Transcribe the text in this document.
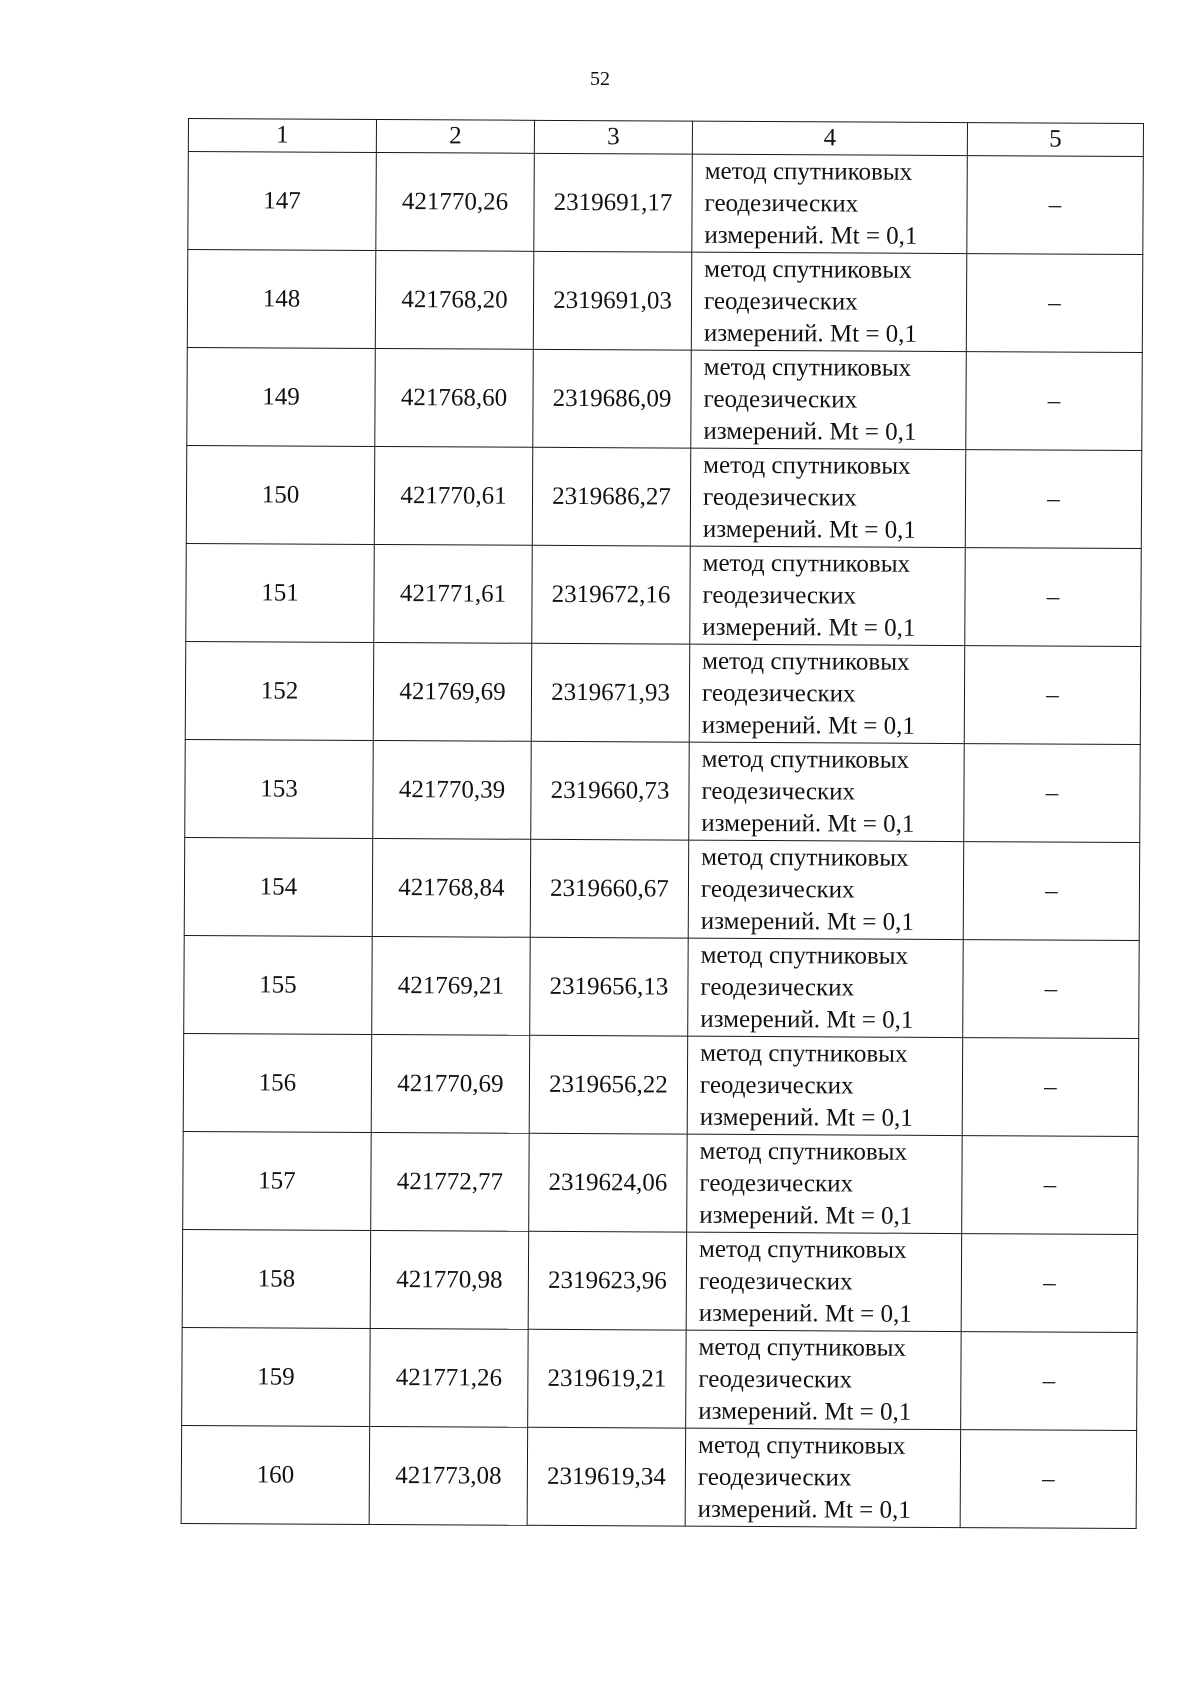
52
1	2	3	4	5
147	421770,26	2319691,17	метод спутниковых
геодезических
измерений. Mt = 0,1	–
148	421768,20	2319691,03	метод спутниковых
геодезических
измерений. Mt = 0,1	–
149	421768,60	2319686,09	метод спутниковых
геодезических
измерений. Mt = 0,1	–
150	421770,61	2319686,27	метод спутниковых
геодезических
измерений. Mt = 0,1	–
151	421771,61	2319672,16	метод спутниковых
геодезических
измерений. Mt = 0,1	–
152	421769,69	2319671,93	метод спутниковых
геодезических
измерений. Mt = 0,1	–
153	421770,39	2319660,73	метод спутниковых
геодезических
измерений. Mt = 0,1	–
154	421768,84	2319660,67	метод спутниковых
геодезических
измерений. Mt = 0,1	–
155	421769,21	2319656,13	метод спутниковых
геодезических
измерений. Mt = 0,1	–
156	421770,69	2319656,22	метод спутниковых
геодезических
измерений. Mt = 0,1	–
157	421772,77	2319624,06	метод спутниковых
геодезических
измерений. Mt = 0,1	–
158	421770,98	2319623,96	метод спутниковых
геодезических
измерений. Mt = 0,1	–
159	421771,26	2319619,21	метод спутниковых
геодезических
измерений. Mt = 0,1	–
160	421773,08	2319619,34	метод спутниковых
геодезических
измерений. Mt = 0,1	–
